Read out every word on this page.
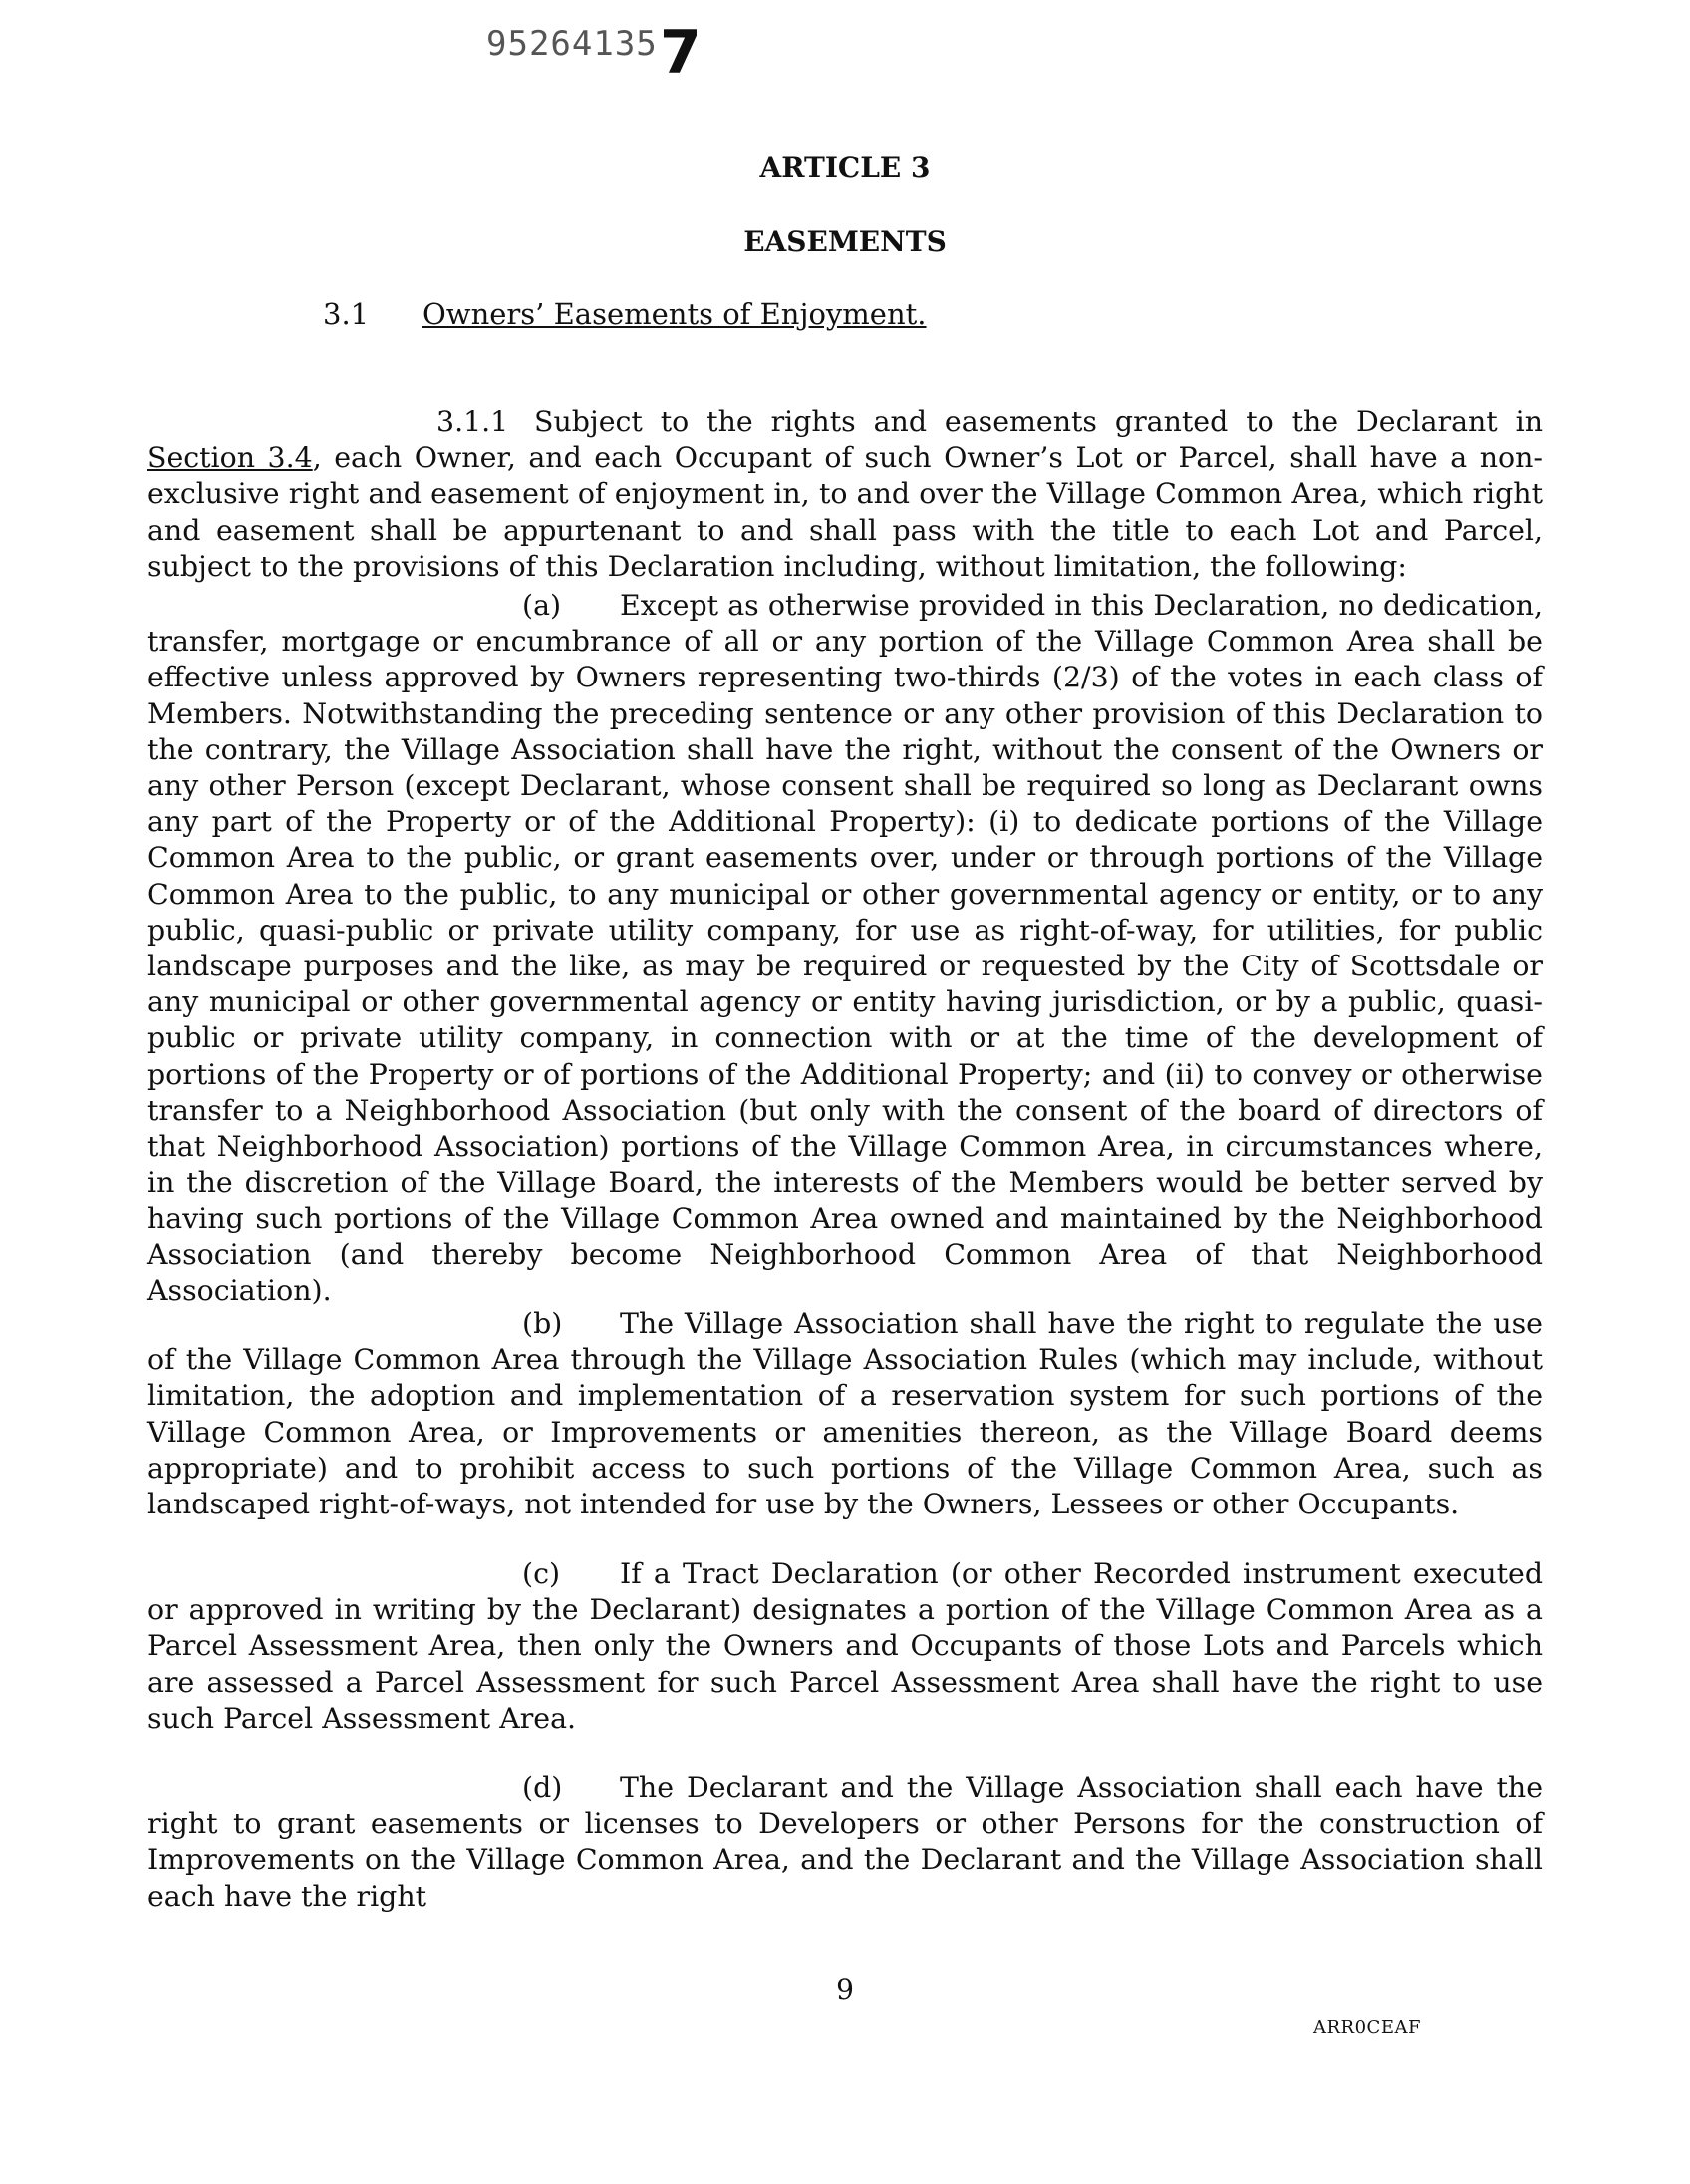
95264135 7
ARTICLE 3
EASEMENTS
3.1 Owners’ Easements of Enjoyment.

3.1.1 Subject to the rights and easements granted to the Declarant in Section 3.4, each Owner, and each Occupant of such Owner’s Lot or Parcel, shall have a non-exclusive right and easement of enjoyment in, to and over the Village Common Area, which right and easement shall be appurtenant to and shall pass with the title to each Lot and Parcel, subject to the provisions of this Declaration including, without limitation, the following:

(a) Except as otherwise provided in this Declaration, no dedication, transfer, mortgage or encumbrance of all or any portion of the Village Common Area shall be effective unless approved by Owners representing two-thirds (2/3) of the votes in each class of Members. Notwithstanding the preceding sentence or any other provision of this Declaration to the contrary, the Village Association shall have the right, without the consent of the Owners or any other Person (except Declarant, whose consent shall be required so long as Declarant owns any part of the Property or of the Additional Property): (i) to dedicate portions of the Village Common Area to the public, or grant easements over, under or through portions of the Village Common Area to the public, to any municipal or other governmental agency or entity, or to any public, quasi-public or private utility company, for use as right-of-way, for utilities, for public landscape purposes and the like, as may be required or requested by the City of Scottsdale or any municipal or other governmental agency or entity having jurisdiction, or by a public, quasi-public or private utility company, in connection with or at the time of the development of portions of the Property or of portions of the Additional Property; and (ii) to convey or otherwise transfer to a Neighborhood Association (but only with the consent of the board of directors of that Neighborhood Association) portions of the Village Common Area, in circumstances where, in the discretion of the Village Board, the interests of the Members would be better served by having such portions of the Village Common Area owned and maintained by the Neighborhood Association (and thereby become Neighborhood Common Area of that Neighborhood Association).

(b) The Village Association shall have the right to regulate the use of the Village Common Area through the Village Association Rules (which may include, without limitation, the adoption and implementation of a reservation system for such portions of the Village Common Area, or Improvements or amenities thereon, as the Village Board deems appropriate) and to prohibit access to such portions of the Village Common Area, such as landscaped right-of-ways, not intended for use by the Owners, Lessees or other Occupants.

(c) If a Tract Declaration (or other Recorded instrument executed or approved in writing by the Declarant) designates a portion of the Village Common Area as a Parcel Assessment Area, then only the Owners and Occupants of those Lots and Parcels which are assessed a Parcel Assessment for such Parcel Assessment Area shall have the right to use such Parcel Assessment Area.

(d) The Declarant and the Village Association shall each have the right to grant easements or licenses to Developers or other Persons for the construction of Improvements on the Village Common Area, and the Declarant and the Village Association shall each have the right

9
ARR0CEAF
